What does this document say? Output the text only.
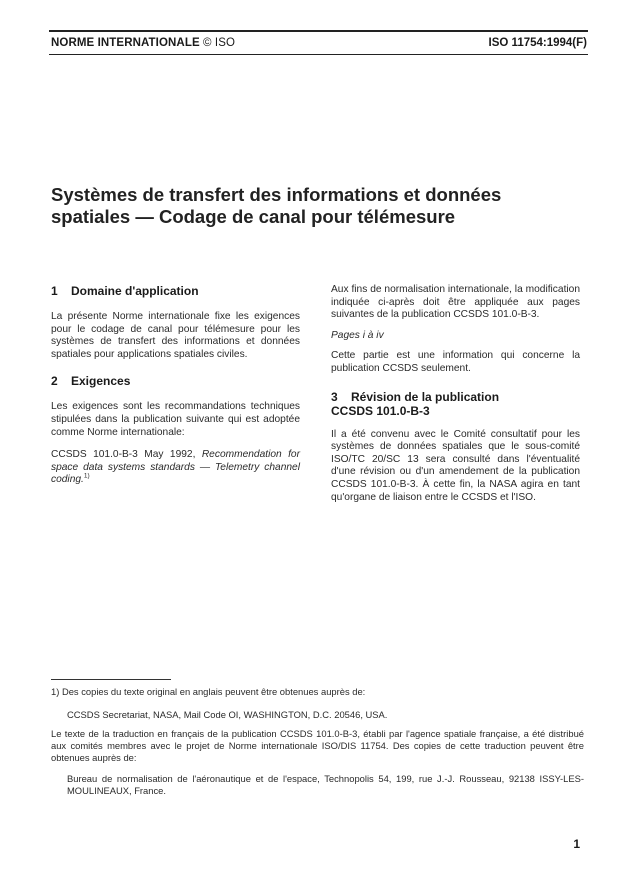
NORME INTERNATIONALE © ISO	ISO 11754:1994(F)
Systèmes de transfert des informations et données
spatiales — Codage de canal pour télémesure
1 Domaine d'application

La présente Norme internationale fixe les exigences pour le codage de canal pour télémesure pour les systèmes de transfert des informations et données spatiales pour applications spatiales civiles.

2 Exigences

Les exigences sont les recommandations techniques stipulées dans la publication suivante qui est adoptée comme Norme internationale:

CCSDS 101.0-B-3 May 1992, Recommendation for space data systems standards — Telemetry channel coding.$^{1)}$

Aux fins de normalisation internationale, la modification indiquée ci-après doit être appliquée aux pages suivantes de la publication CCSDS 101.0-B-3.

Pages i à iv

Cette partie est une information qui concerne la publication CCSDS seulement.

3 Révision de la publication
CCSDS 101.0-B-3

Il a été convenu avec le Comité consultatif pour les systèmes de données spatiales que le sous-comité ISO/TC 20/SC 13 sera consulté dans l'éventualité d'une révision ou d'un amendement de la publication CCSDS 101.0-B-3. À cette fin, la NASA agira en tant qu'organe de liaison entre le CCSDS et l'ISO.

1) Des copies du texte original en anglais peuvent être obtenues auprès de:
CCSDS Secretariat, NASA, Mail Code OI, WASHINGTON, D.C. 20546, USA.
Le texte de la traduction en français de la publication CCSDS 101.0-B-3, établi par l'agence spatiale française, a été distribué aux comités membres avec le projet de Norme internationale ISO/DIS 11754. Des copies de cette traduction peuvent être obtenues auprès de:
Bureau de normalisation de l'aéronautique et de l'espace, Technopolis 54, 199, rue J.-J. Rousseau, 92138 ISSY-LES-MOULINEAUX, France.
1
